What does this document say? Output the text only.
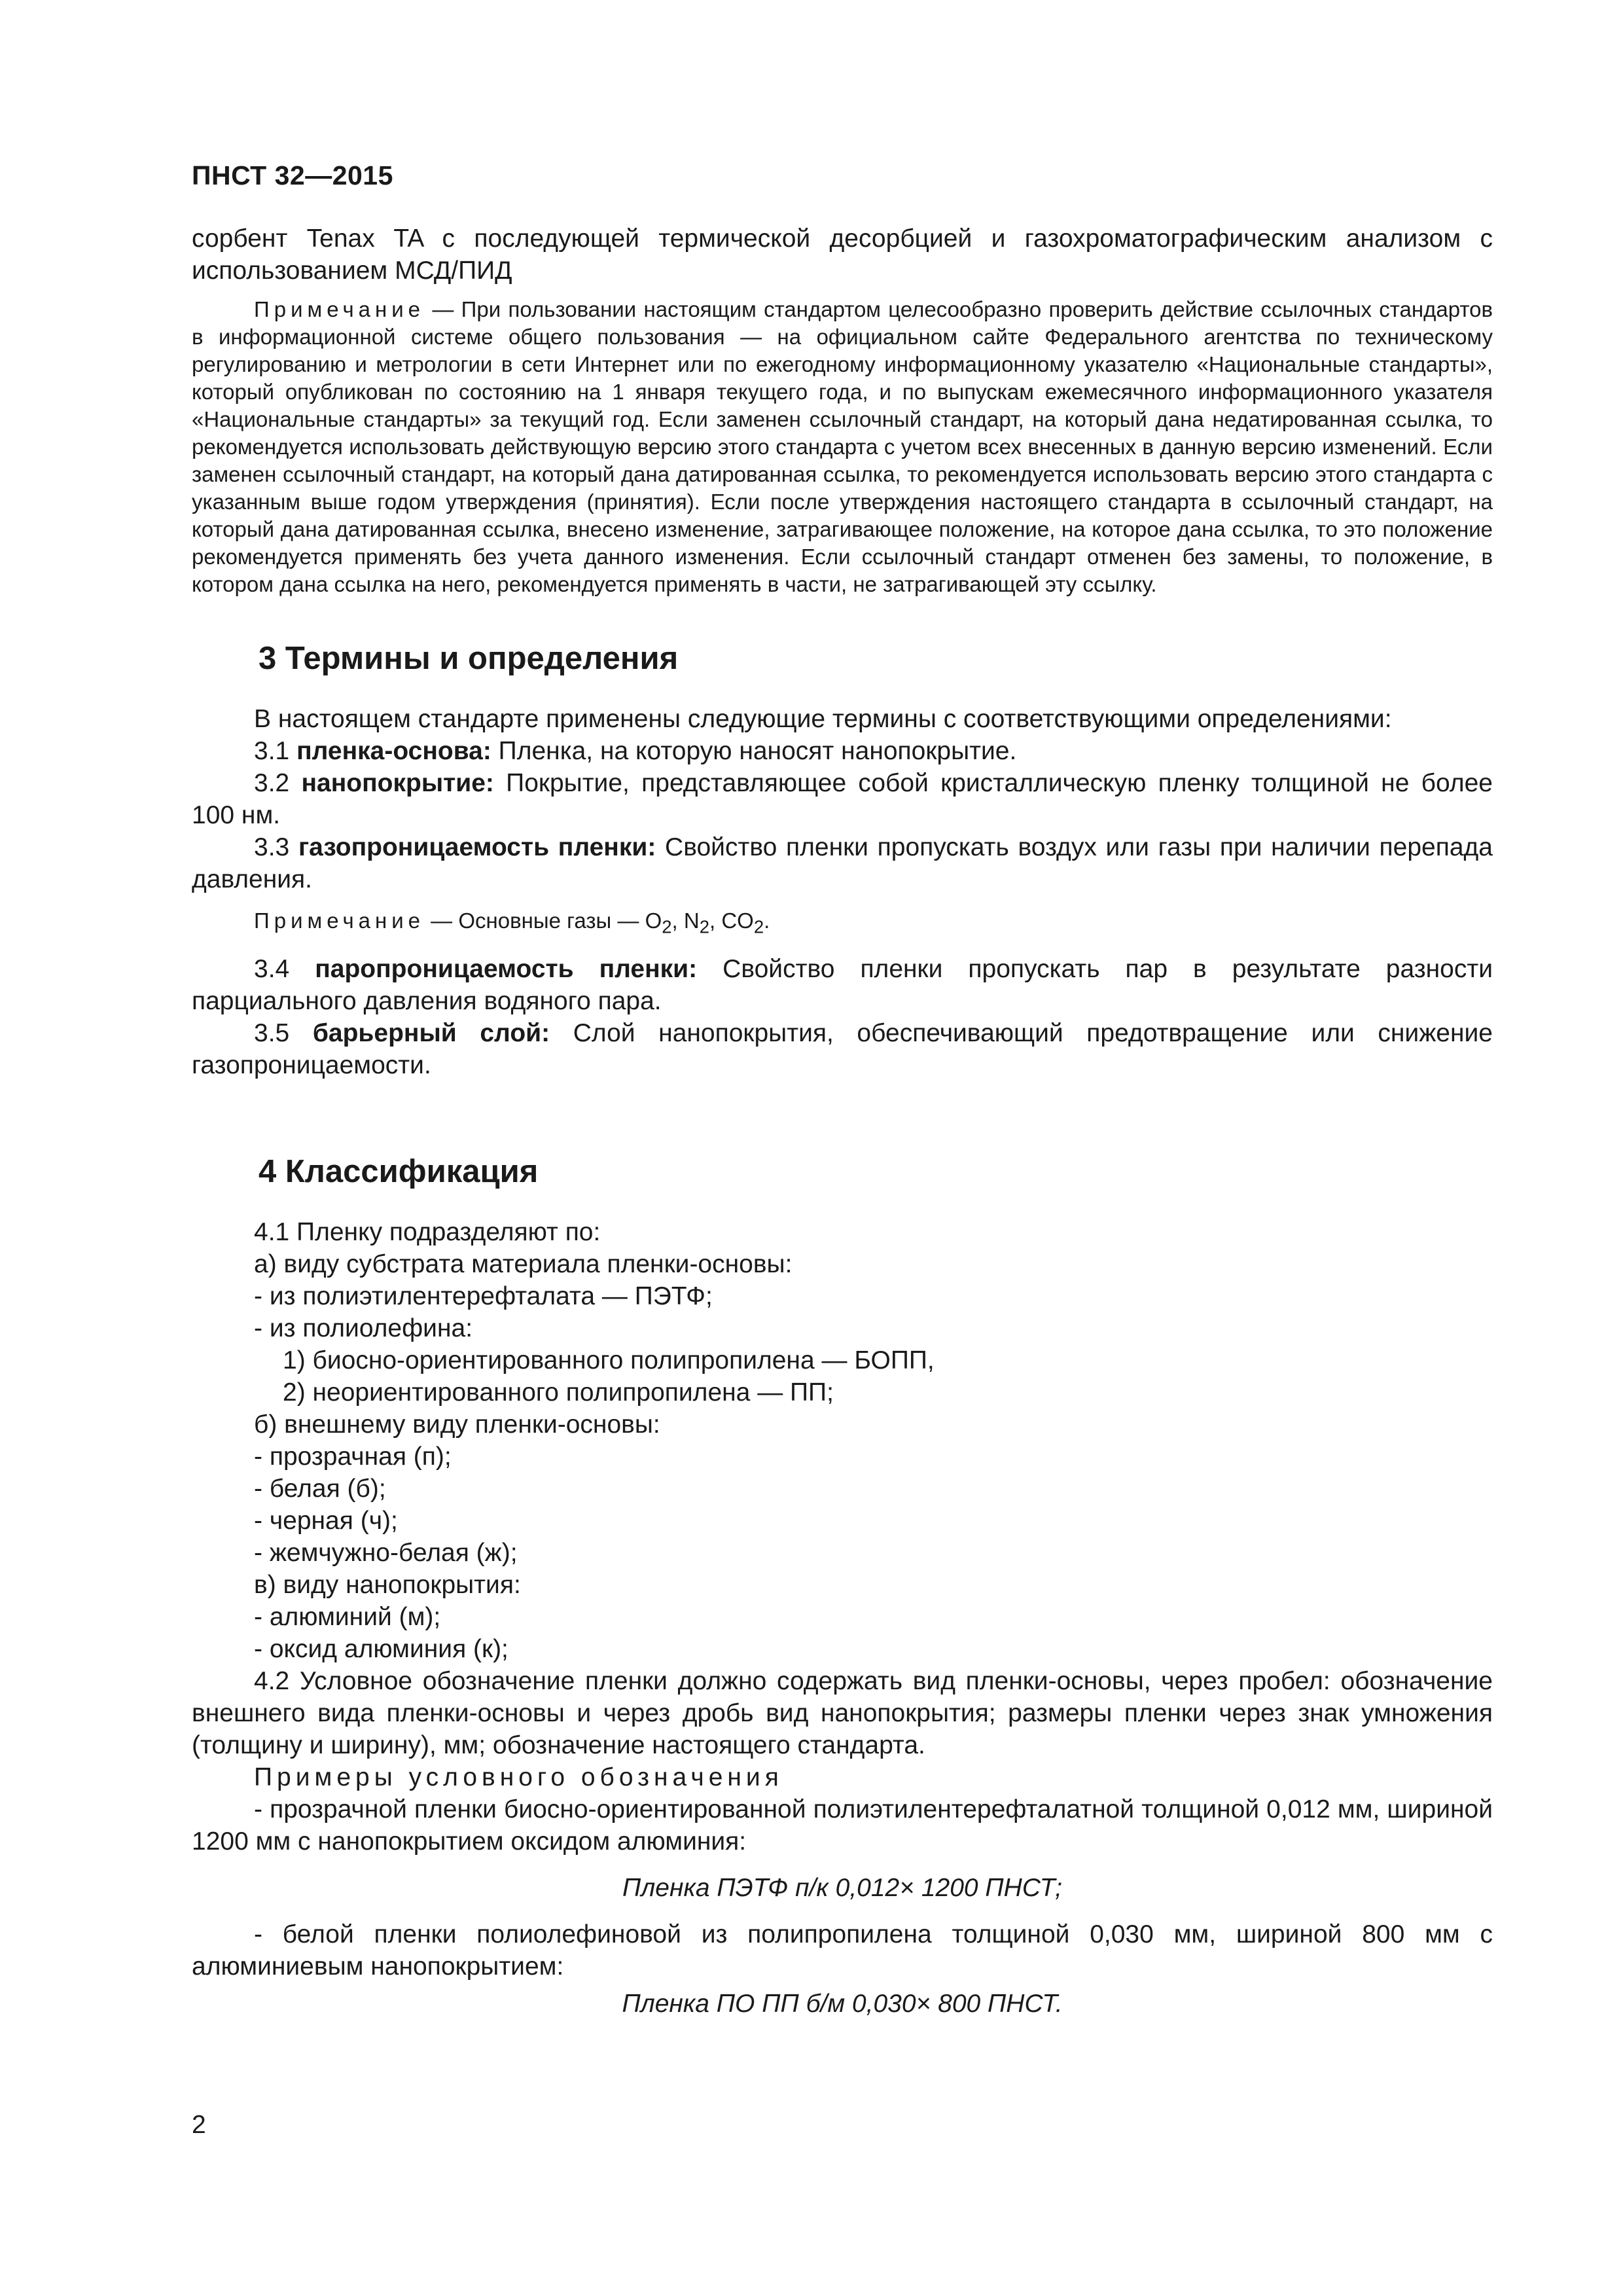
ПНСТ 32—2015

сорбент Tenax TA с последующей термической десорбцией и газохроматографическим анализом с использованием МСД/ПИД

Примечание — При пользовании настоящим стандартом целесообразно проверить действие ссылочных стандартов в информационной системе общего пользования — на официальном сайте Федерального агентства по техническому регулированию и метрологии в сети Интернет или по ежегодному информационному указателю «Национальные стандарты», который опубликован по состоянию на 1 января текущего года, и по выпускам ежемесячного информационного указателя «Национальные стандарты» за текущий год. Если заменен ссылочный стандарт, на который дана недатированная ссылка, то рекомендуется использовать действующую версию этого стандарта с учетом всех внесенных в данную версию изменений. Если заменен ссылочный стандарт, на который дана датированная ссылка, то рекомендуется использовать версию этого стандарта с указанным выше годом утверждения (принятия). Если после утверждения настоящего стандарта в ссылочный стандарт, на который дана датированная ссылка, внесено изменение, затрагивающее положение, на которое дана ссылка, то это положение рекомендуется применять без учета данного изменения. Если ссылочный стандарт отменен без замены, то положение, в котором дана ссылка на него, рекомендуется применять в части, не затрагивающей эту ссылку.

3 Термины и определения

В настоящем стандарте применены следующие термины с соответствующими определениями:

3.1 пленка-основа: Пленка, на которую наносят нанопокрытие.

3.2 нанопокрытие: Покрытие, представляющее собой кристаллическую пленку толщиной не более 100 нм.

3.3 газопроницаемость пленки: Свойство пленки пропускать воздух или газы при наличии перепада давления.

Примечание — Основные газы — $O_2$, $N_2$, $CO_2$.

3.4 паропроницаемость пленки: Свойство пленки пропускать пар в результате разности парциального давления водяного пара.

3.5 барьерный слой: Слой нанопокрытия, обеспечивающий предотвращение или снижение газопроницаемости.

4 Классификация

4.1 Пленку подразделяют по:

а) виду субстрата материала пленки-основы:

- из полиэтилентерефталата — ПЭТФ;

- из полиолефина:

1) биосно-ориентированного полипропилена — БОПП,

2) неориентированного полипропилена — ПП;

б) внешнему виду пленки-основы:

- прозрачная (п);

- белая (б);

- черная (ч);

- жемчужно-белая (ж);

в) виду нанопокрытия:

- алюминий (м);

- оксид алюминия (к);

4.2 Условное обозначение пленки должно содержать вид пленки-основы, через пробел: обозначение внешнего вида пленки-основы и через дробь вид нанопокрытия; размеры пленки через знак умножения (толщину и ширину), мм; обозначение настоящего стандарта.

Примеры условного обозначения

- прозрачной пленки биосно-ориентированной полиэтилентерефталатной толщиной 0,012 мм, шириной 1200 мм с нанопокрытием оксидом алюминия:

Пленка ПЭТФ п/к 0,012× 1200 ПНСТ;

- белой пленки полиолефиновой из полипропилена толщиной 0,030 мм, шириной 800 мм с алюминиевым нанопокрытием:

Пленка ПО ПП б/м 0,030× 800 ПНСТ.

2
